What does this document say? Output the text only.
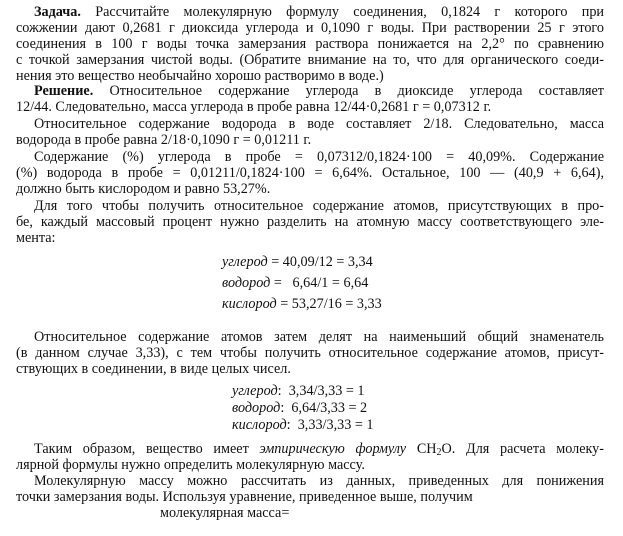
Задача. Рассчитайте молекулярную формулу соединения, 0,1824 г которого при
сожжении дают 0,2681 г диоксида углерода и 0,1090 г воды. При растворении 25 г этого
соединения в 100 г воды точка замерзания раствора понижается на 2,2° по сравнению
с точкой замерзания чистой воды. (Обратите внимание на то, что для органического соеди-
нения это вещество необычайно хорошо растворимо в воде.)
Решение. Относительное содержание углерода в диоксиде углерода составляет
12/44. Следовательно, масса углерода в пробе равна 12/44·0,2681 г = 0,07312 г.
Относительное содержание водорода в воде составляет 2/18. Следовательно, масса
водорода в пробе равна 2/18·0,1090 г = 0,01211 г.
Содержание (%) углерода в пробе = 0,07312/0,1824·100 = 40,09%. Содержание
(%) водорода в пробе = 0,01211/0,1824·100 = 6,64%. Остальное, 100 — (40,9 + 6,64),
должно быть кислородом и равно 53,27%.
Для того чтобы получить относительное содержание атомов, присутствующих в про-
бе, каждый массовый процент нужно разделить на атомную массу соответствующего эле-
мента:
углерод = 40,09/12 = 3,34
водород =   6,64/1 = 6,64
кислород = 53,27/16 = 3,33
Относительное содержание атомов затем делят на наименьший общий знаменатель
(в данном случае 3,33), с тем чтобы получить относительное содержание атомов, присут-
ствующих в соединении, в виде целых чисел.
углерод:  3,34/3,33 = 1
водород:  6,64/3,33 = 2
кислород:  3,33/3,33 = 1
Таким образом, вещество имеет эмпирическую формулу $CH_2O$. Для расчета молеку-
лярной формулы нужно определить молекулярную массу.
Молекулярную массу можно рассчитать из данных, приведенных для понижения
точки замерзания воды. Используя уравнение, приведенное выше, получим
молекулярная масса=
